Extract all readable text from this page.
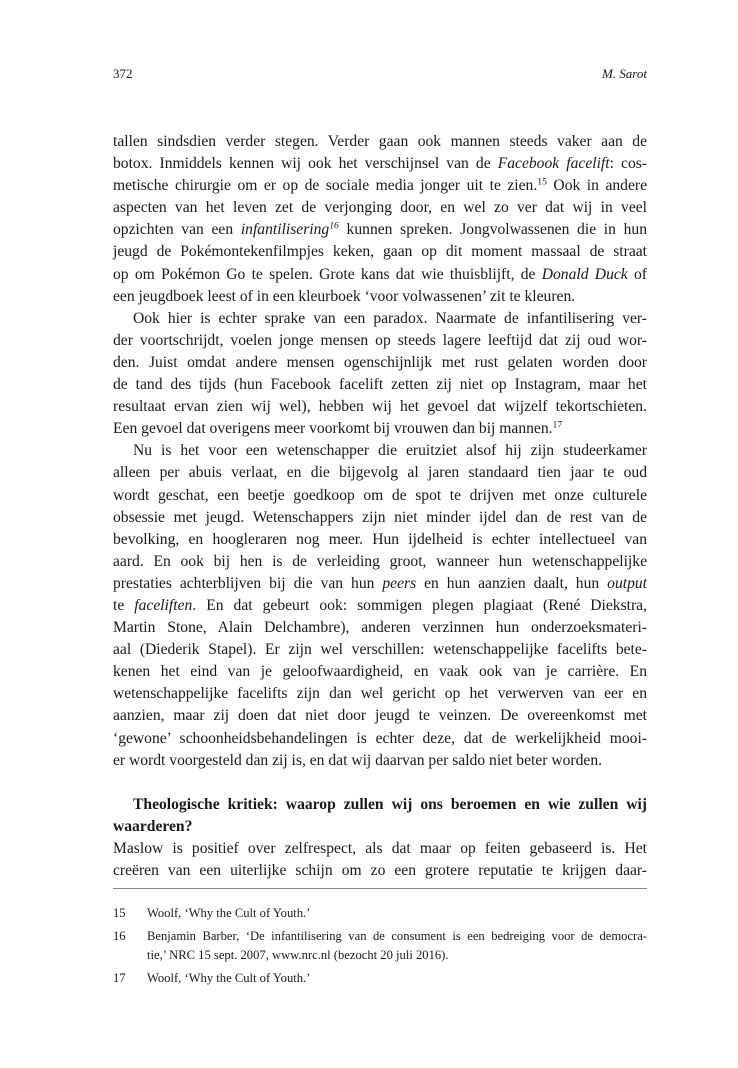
372	M. Sarot
tallen sindsdien verder stegen. Verder gaan ook mannen steeds vaker aan de
botox. Inmiddels kennen wij ook het verschijnsel van de Facebook facelift: cos-
metische chirurgie om er op de sociale media jonger uit te zien.$^{15}$ Ook in andere
aspecten van het leven zet de verjonging door, en wel zo ver dat wij in veel
opzichten van een infantilisering$^{16}$ kunnen spreken. Jongvolwassenen die in hun
jeugd de Pokémontekenfilmpjes keken, gaan op dit moment massaal de straat
op om Pokémon Go te spelen. Grote kans dat wie thuisblijft, de Donald Duck of
een jeugdboek leest of in een kleurboek ‘voor volwassenen’ zit te kleuren.
Ook hier is echter sprake van een paradox. Naarmate de infantilisering ver-
der voortschrijdt, voelen jonge mensen op steeds lagere leeftijd dat zij oud wor-
den. Juist omdat andere mensen ogenschijnlijk met rust gelaten worden door
de tand des tijds (hun Facebook facelift zetten zij niet op Instagram, maar het
resultaat ervan zien wij wel), hebben wij het gevoel dat wijzelf tekortschieten.
Een gevoel dat overigens meer voorkomt bij vrouwen dan bij mannen.$^{17}$
Nu is het voor een wetenschapper die eruitziet alsof hij zijn studeerkamer
alleen per abuis verlaat, en die bijgevolg al jaren standaard tien jaar te oud
wordt geschat, een beetje goedkoop om de spot te drijven met onze culturele
obsessie met jeugd. Wetenschappers zijn niet minder ijdel dan de rest van de
bevolking, en hoogleraren nog meer. Hun ijdelheid is echter intellectueel van
aard. En ook bij hen is de verleiding groot, wanneer hun wetenschappelijke
prestaties achterblijven bij die van hun peers en hun aanzien daalt, hun output
te faceliften. En dat gebeurt ook: sommigen plegen plagiaat (René Diekstra,
Martin Stone, Alain Delchambre), anderen verzinnen hun onderzoeksmateri-
aal (Diederik Stapel). Er zijn wel verschillen: wetenschappelijke facelifts bete-
kenen het eind van je geloofwaardigheid, en vaak ook van je carrière. En
wetenschappelijke facelifts zijn dan wel gericht op het verwerven van eer en
aanzien, maar zij doen dat niet door jeugd te veinzen. De overeenkomst met
‘gewone’ schoonheidsbehandelingen is echter deze, dat de werkelijkheid mooi-
er wordt voorgesteld dan zij is, en dat wij daarvan per saldo niet beter worden.
Theologische kritiek: waarop zullen wij ons beroemen en wie zullen wij
waarderen?
Maslow is positief over zelfrespect, als dat maar op feiten gebaseerd is. Het
creëren van een uiterlijke schijn om zo een grotere reputatie te krijgen daar-
15 Woolf, ‘Why the Cult of Youth.’
16 Benjamin Barber, ‘De infantilisering van de consument is een bedreiging voor de democra-
tie,’ NRC 15 sept. 2007, www.nrc.nl (bezocht 20 juli 2016).
17 Woolf, ‘Why the Cult of Youth.’
